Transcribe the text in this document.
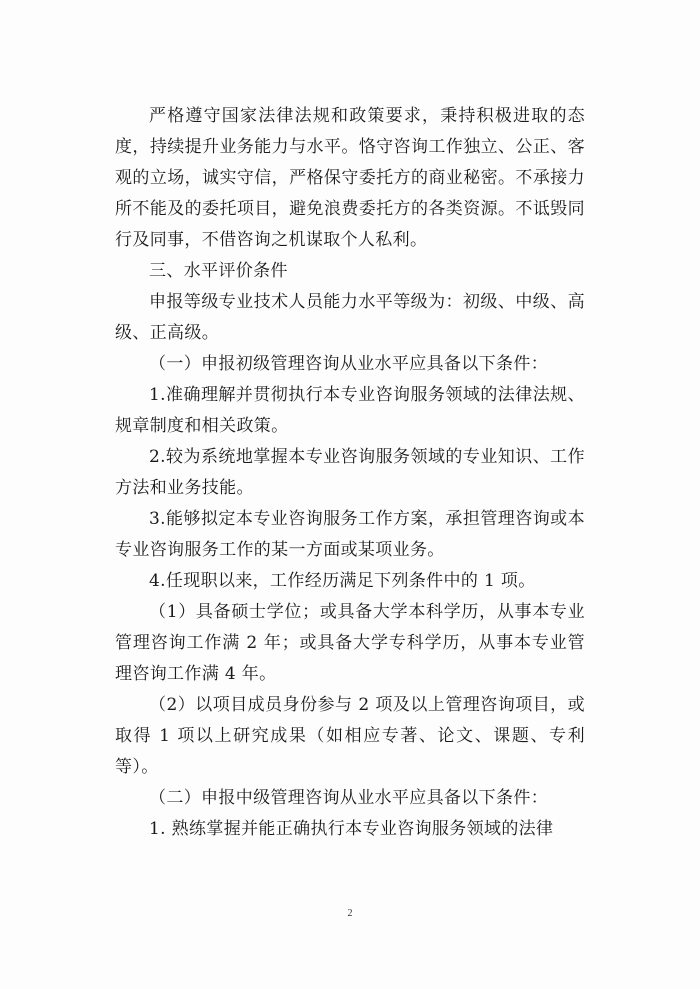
严格遵守国家法律法规和政策要求，秉持积极进取的态度，持续提升业务能力与水平。恪守咨询工作独立、公正、客观的立场，诚实守信，严格保守委托方的商业秘密。不承接力所不能及的委托项目，避免浪费委托方的各类资源。不诋毁同行及同事，不借咨询之机谋取个人私利。

三、水平评价条件

申报等级专业技术人员能力水平等级为：初级、中级、高级、正高级。

（一）申报初级管理咨询从业水平应具备以下条件：

1.准确理解并贯彻执行本专业咨询服务领域的法律法规、规章制度和相关政策。

2.较为系统地掌握本专业咨询服务领域的专业知识、工作方法和业务技能。

3.能够拟定本专业咨询服务工作方案，承担管理咨询或本专业咨询服务工作的某一方面或某项业务。

4.任现职以来，工作经历满足下列条件中的 1 项。

（1）具备硕士学位；或具备大学本科学历，从事本专业管理咨询工作满 2 年；或具备大学专科学历，从事本专业管理咨询工作满 4 年。

（2）以项目成员身份参与 2 项及以上管理咨询项目，或取得 1 项以上研究成果（如相应专著、论文、课题、专利等）。

（二）申报中级管理咨询从业水平应具备以下条件：

1. 熟练掌握并能正确执行本专业咨询服务领域的法律

2
